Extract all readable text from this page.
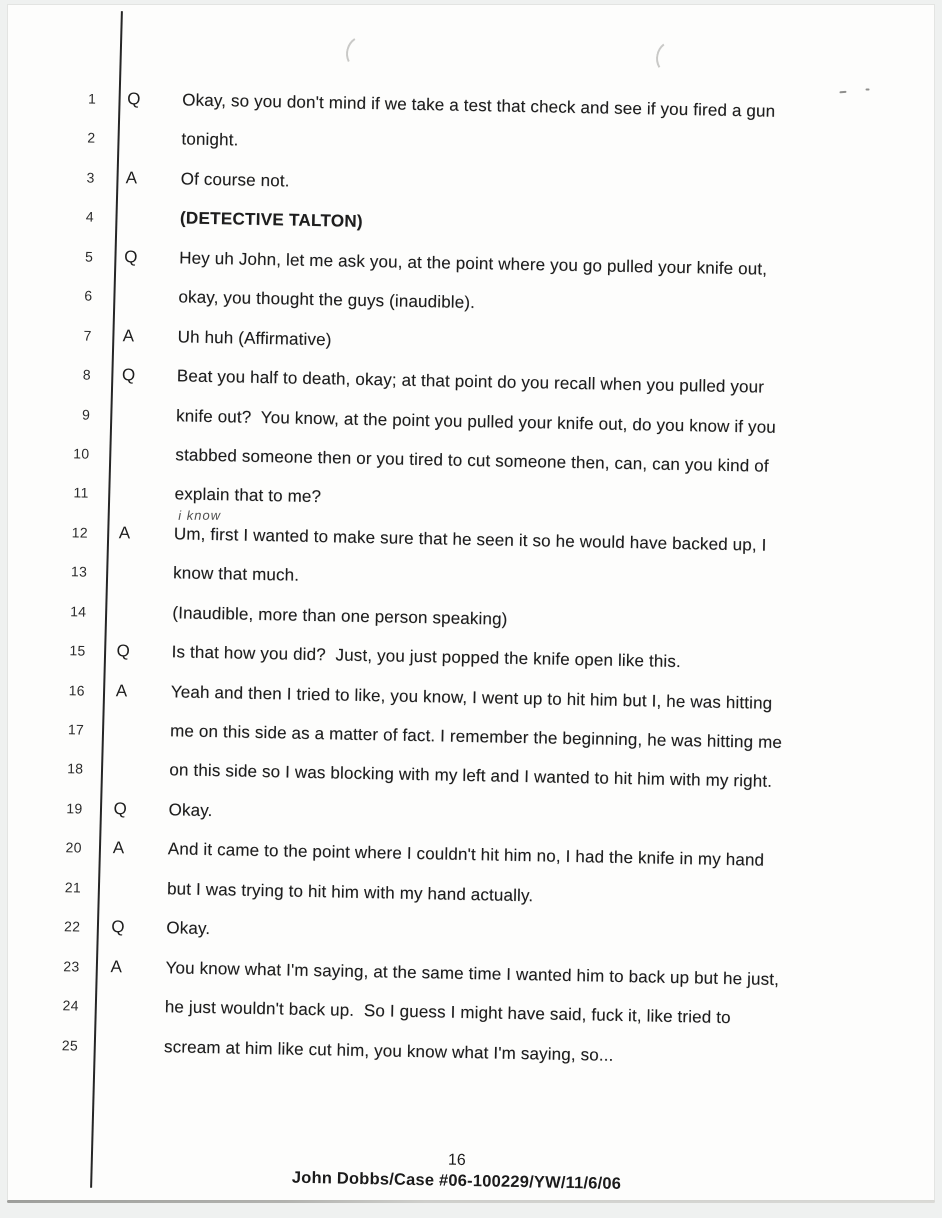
1 Q Okay, so you don't mind if we take a test that check and see if you fired a gun
2	tonight.
3 A	Of course not.
4	(DETECTIVE TALTON)
5 Q Hey uh John, let me ask you, at the point where you go pulled your knife out,
6	okay, you thought the guys (inaudible).
7 A	Uh huh (Affirmative)
8 Q Beat you half to death, okay; at that point do you recall when you pulled your
9	knife out?  You know, at the point you pulled your knife out, do you know if you
10	stabbed someone then or you tired to cut someone then, can, can you kind of
11	explain that to me?
12 A	Um, first I wanted to make sure that he seen it so he would have backed up, I
i know
13	know that much.
14	(Inaudible, more than one person speaking)
15 Q Is that how you did?  Just, you just popped the knife open like this.
16 A	Yeah and then I tried to like, you know, I went up to hit him but I, he was hitting
17	me on this side as a matter of fact. I remember the beginning, he was hitting me
18	on this side so I was blocking with my left and I wanted to hit him with my right.
19 Q Okay.
20 A	And it came to the point where I couldn't hit him no, I had the knife in my hand
21	but I was trying to hit him with my hand actually.
22 Q Okay.
23 A	You know what I'm saying, at the same time I wanted him to back up but he just,
24	he just wouldn't back up.  So I guess I might have said, fuck it, like tried to
25	scream at him like cut him, you know what I'm saying, so...
16
John Dobbs/Case #06-100229/YW/11/6/06
